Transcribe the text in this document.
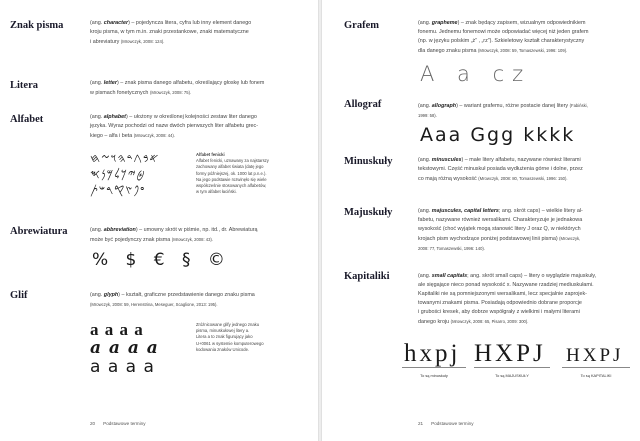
Znak pisma	(ang. character) – pojedyncza litera, cyfra lub inny element danego
kroju pisma, w tym m.in. znaki przestankowe, znaki matematyczne
i abreviatury (Mrowczyk, 2008: 124).
Litera	(ang. letter) – znak pisma danego alfabetu, określający głoskę lub fonem
w pismach fonetycznych (Mrowczyk, 2008: 75).
Alfabet	(ang. alphabet) – ułożony w określonej kolejności zestaw liter danego
języka. Wyraz pochodzi od nazw dwóch pierwszych liter alfabetu grec-
kiego – alfa i beta (Mrowczyk, 2008: 44).
𐤀𐤁𐤂𐤃𐤄𐤅𐤆𐤇
𐤈𐤉𐤊𐤋𐤌𐤍𐤎
𐤏𐤐𐤑𐤒𐤓𐤔𐤕
Alfabet fenicki
Alfabet fenicki, uznawany za najstarszy
zachowany alfabet świata (datę jego
formy późniejszej, ok. 1000 lat p.n.e.).
Na jego podstawie rozwinęło się wiele
współcześnie stosowanych alfabetów,
w tym alfabet łaciński.
Abrewiatura	(ang. abbreviation) – umowny skrót w piśmie, np. itd., dr. Abrewiaturą
może być pojedynczy znak pisma (Mrowczyk, 2008: 43).
% $ € § ©
Glif	(ang. glyph) – kształt, graficzne przedstawienie danego znaku pisma
(Mrowczyk, 2008: 59, Herenstrina, Meseguer, Scaglione, 2013: 195).
a a a a
a a a a
a a a a
Zróżnicowane glify jednego znaku
pisma, minuskułowej litery a.
Litera a to znak figurujący jako
U+0061 w systemie komputerowego
kodowania znaków Unicode.
20 Podstawowe terminy
Grafem	(ang. grapheme) – znak będący zapisem, wizualnym odpowiednikiem
fonemu. Jednemu fonemowi może odpowiadać więcej niż jeden grafem
(np. w języku polskim „ż” , „rz”). Szkieletowy kształt charakterystyczny
dla danego znaku pisma (Mrowczyk, 2008: 59, Tomaszewski, 1996: 109).
A a cz
Allograf	(ang. allograph) – wariant grafemu, różne postacie danej litery (Fabiński,
1999: 58).
Aaa Ggg kkkk
Minuskuły	(ang. minuscules) – małe litery alfabetu, nazywane również literami
tekstowymi. Część minuskuł posiada wydłużenia górne i dolne, przez
co mają różną wysokość (Mrowczyk, 2008: 80, Tomaszewski, 1996: 150).
Majuskuły	(ang. majuscules, capital letters; ang. skrót caps) – wielkie litery al-
fabetu, nazywane również wersalikami. Charakteryzuje je jednakowa
wysokość (choć wyjątek mogą stanowić litery J oraz Q, w niektórych
krojach pism wychodzące poniżej podstawowej linii pisma) (Mrowczyk,
2008: 77, Tomaszewski, 1996: 140).
Kapitaliki	(ang. small capitals; ang. skrót small caps) – litery o wyglądzie majuskuły,
ale sięgające nieco ponad wysokość x. Nazywane rzadziej mediuskułami.
Kapitaliki nie są pomniejszonymi wersalikami, lecz specjalnie zaprojek-
towanymi znakami pisma. Posiadają odpowiednio dobrane proporcje
i grubości kresek, aby dobrze współgrały z wielkimi i małymi literami
danego kroju (Mrowczyk, 2008: 65, Pisarro, 2009: 300).
hxpj HXPJ HXPJ
To są minuskuły	To są MAJUSKUŁY	To są KAPITALIKI
21 Podstawowe terminy
